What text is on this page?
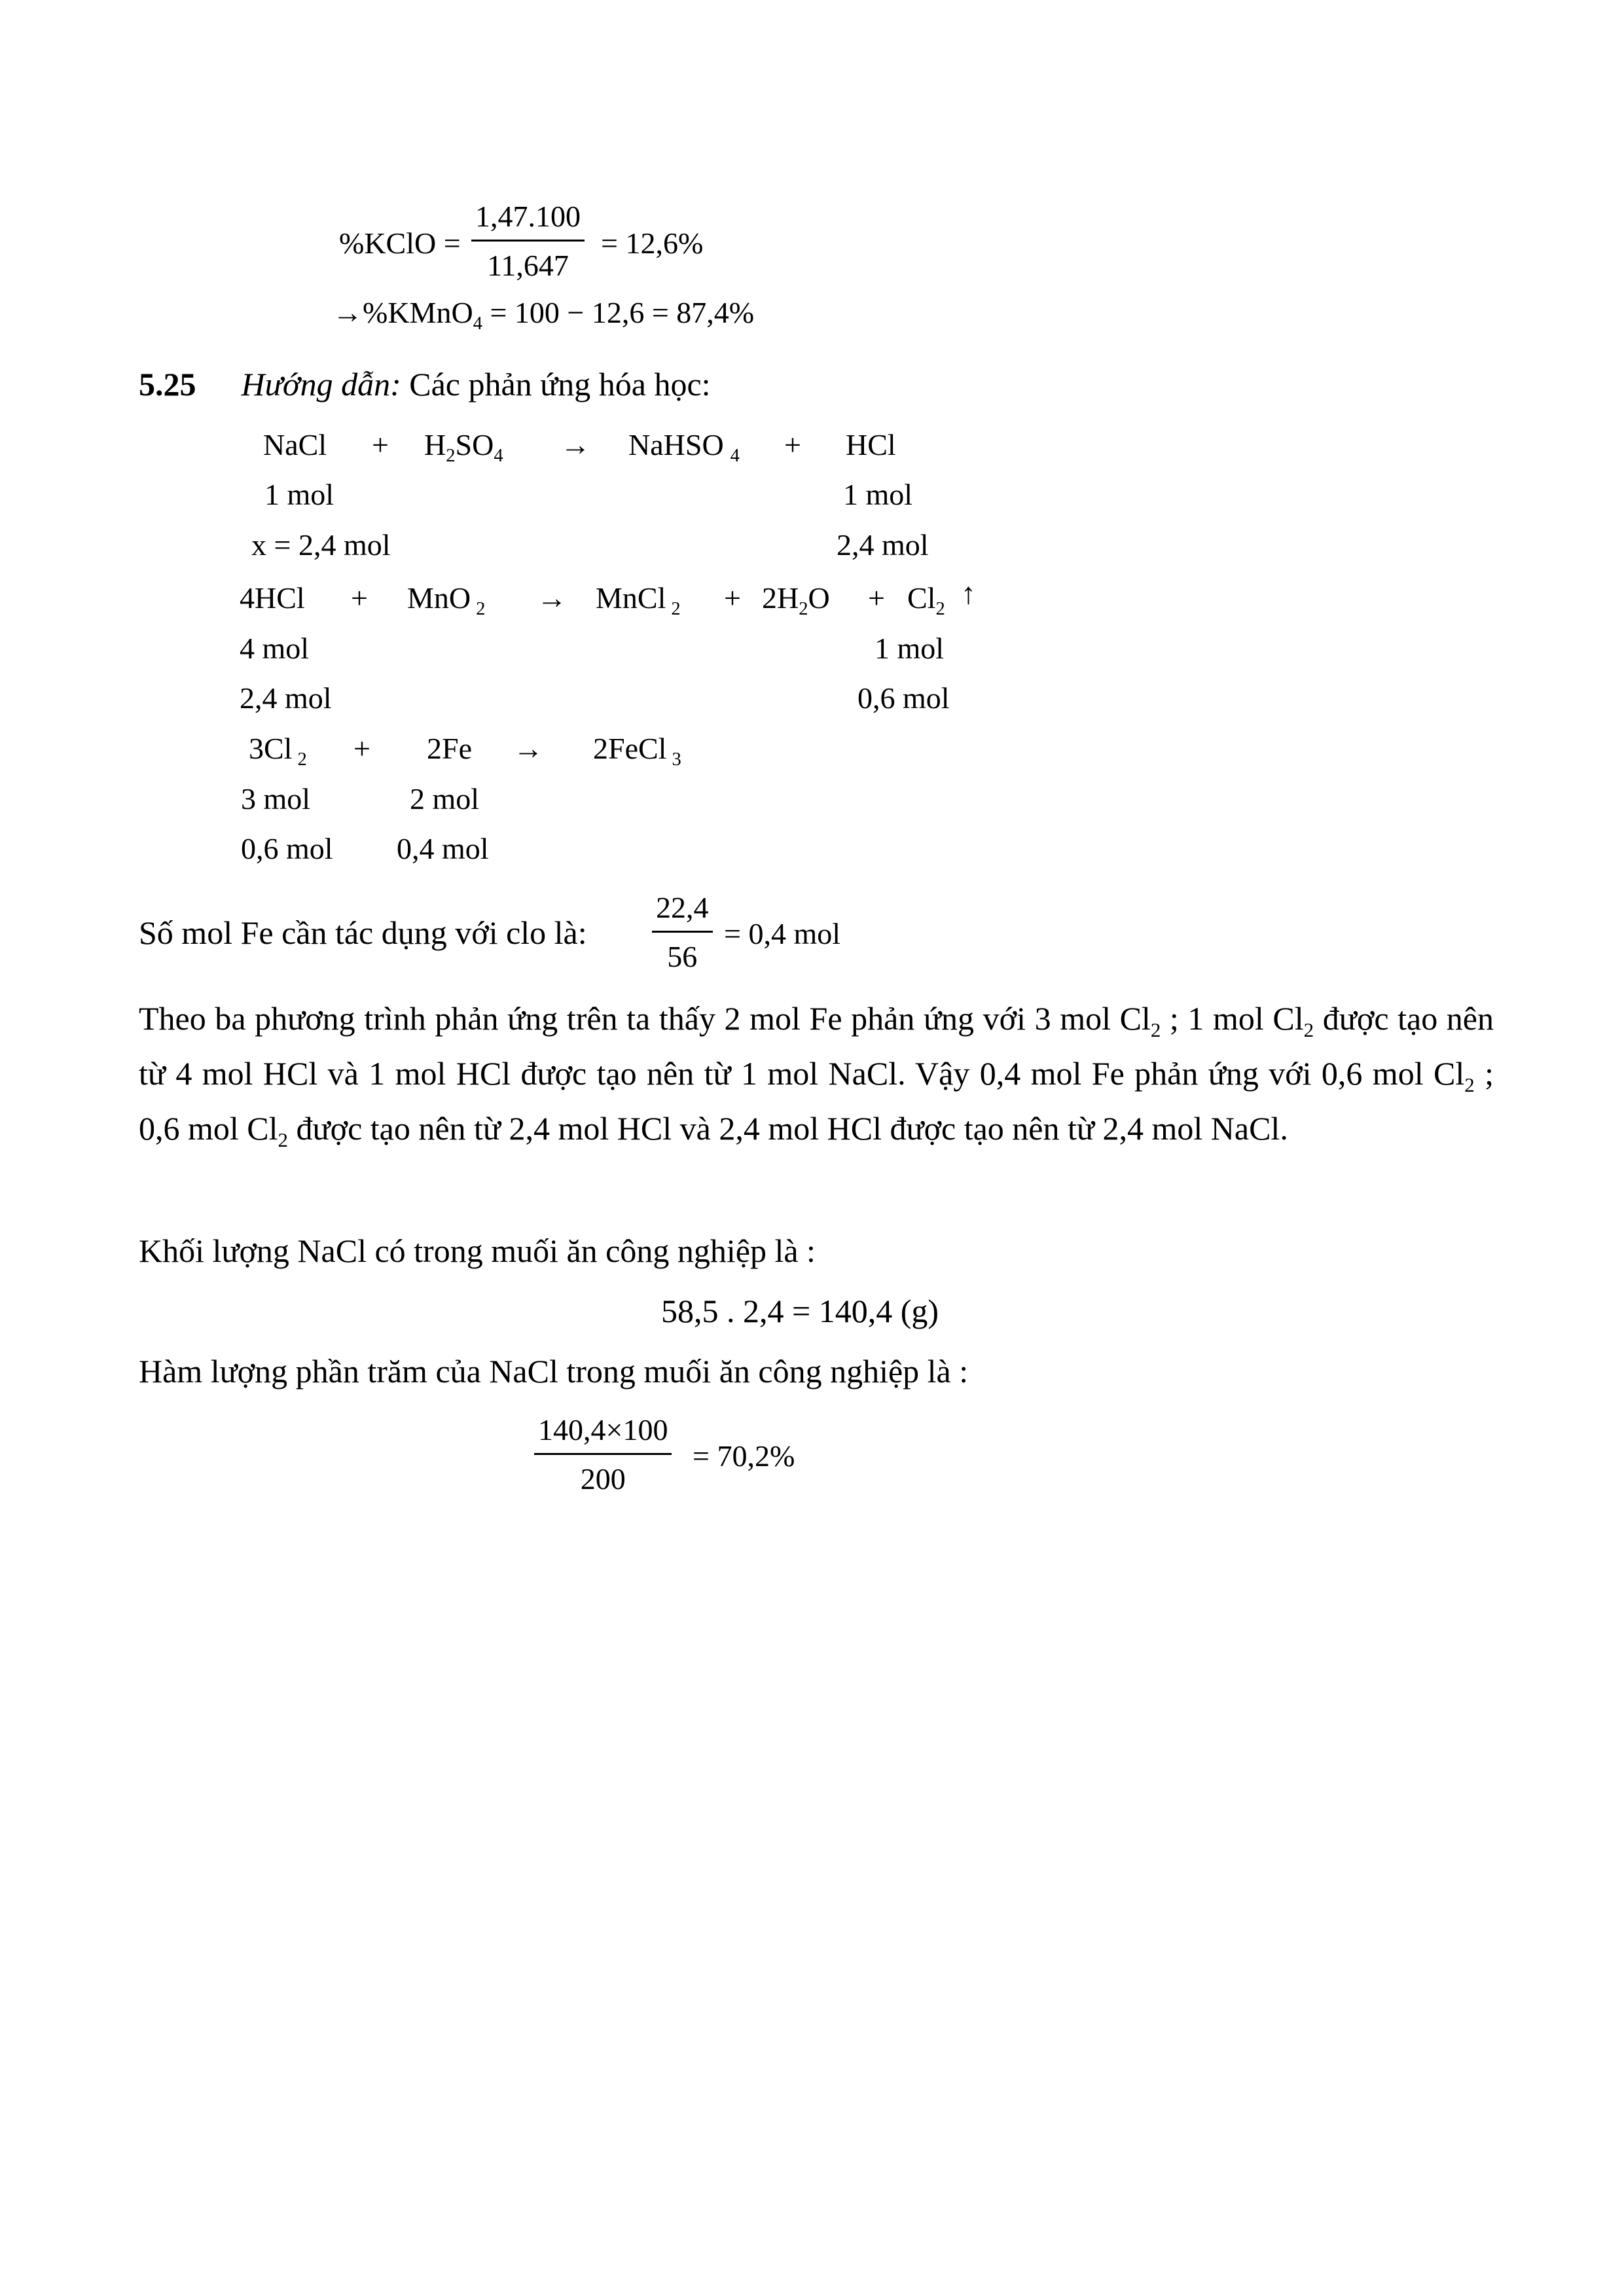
%KClO =
1,47.100
11,647
= 12,6%
→%KMnO$_4$ = 100 − 12,6 = 87,4%
5.25 Hướng dẫn: Các phản ứng hóa học:
NaCl + $H_2SO_4$ → NaHSO $_4$ + HCl
1 mol	1 mol
x = 2,4 mol	2,4 mol
4HCl + MnO $_2$ → MnCl $_2 + 2H_2O + Cl_2$ ↑
4 mol	1 mol
2,4 mol	0,6 mol
3Cl $_2$ + 2Fe → 2FeCl $_3$
3 mol	2 mol
0,6 mol 0,4 mol
Số mol Fe cần tác dụng với clo là:
22,4
56
= 0,4 mol
Theo ba phương trình phản ứng trên ta thấy 2 mol Fe phản ứng với 3 mol $Cl_2$ ; 1 mol $Cl_2$ được tạo nên từ 4 mol HCl và 1 mol HCl được tạo nên từ 1 mol NaCl. Vậy 0,4 mol Fe phản ứng với 0,6 mol $Cl_2$ ; 0,6 mol $Cl_2$ được tạo nên từ 2,4 mol HCl và 2,4 mol HCl được tạo nên từ 2,4 mol NaCl.
Khối lượng NaCl có trong muối ăn công nghiệp là :
58,5 . 2,4 = 140,4 (g)
Hàm lượng phần trăm của NaCl trong muối ăn công nghiệp là :
140,4×100
200
= 70,2%
